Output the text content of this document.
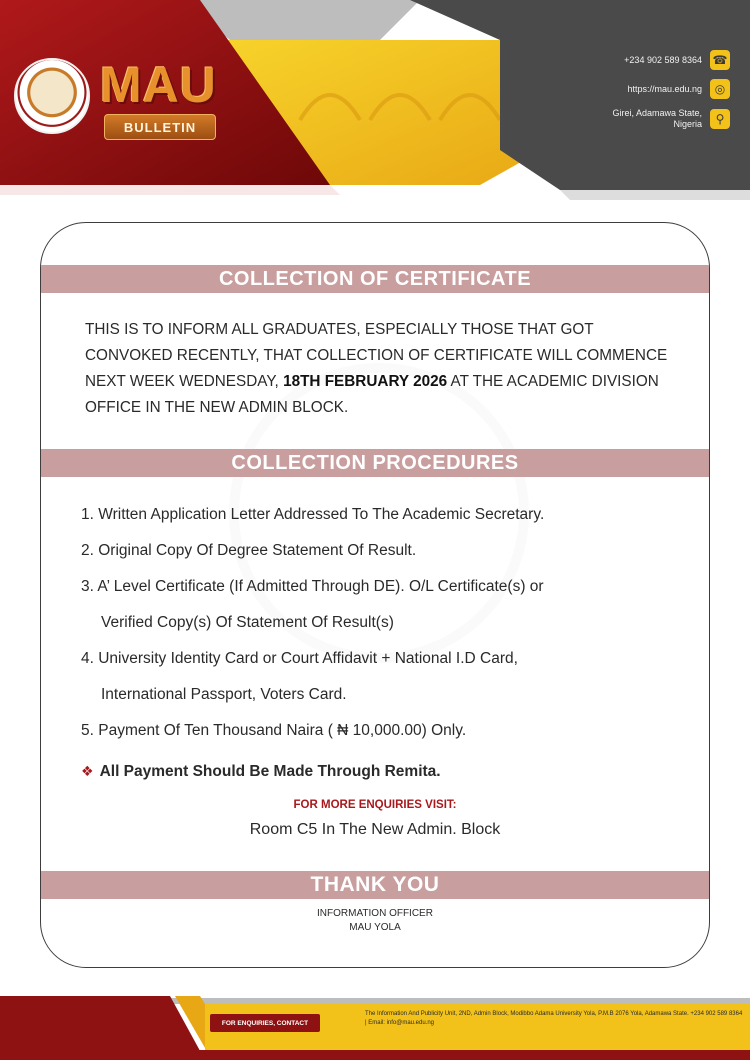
MAU
BULLETIN
+234 902 589 8364 ☎
https://mau.edu.ng	◎
Girei, Adamawa State, Nigeria	⚲
COLLECTION OF CERTIFICATE
THIS IS TO INFORM ALL GRADUATES, ESPECIALLY THOSE THAT GOT CONVOKED RECENTLY, THAT COLLECTION OF CERTIFICATE WILL COMMENCE NEXT WEEK WEDNESDAY, 18TH FEBRUARY 2026 AT THE ACADEMIC DIVISION OFFICE IN THE NEW ADMIN BLOCK.
COLLECTION PROCEDURES
1. Written Application Letter Addressed To The Academic Secretary.
2. Original Copy Of Degree Statement Of Result.
3. A’ Level Certificate (If Admitted Through DE). O/L Certificate(s) or
Verified Copy(s) Of Statement Of Result(s)
4. University Identity Card or Court Affidavit + National I.D Card,
International Passport, Voters Card.
5. Payment Of Ten Thousand Naira ( ₦ 10,000.00) Only.
❖ All Payment Should Be Made Through Remita.
FOR MORE ENQUIRIES VISIT:
Room C5 In The New Admin. Block
THANK YOU
INFORMATION OFFICER
MAU YOLA
FOR ENQUIRIES, CONTACT
The Information And Publicity Unit, 2ND, Admin Block, Modibbo Adama University Yola, P.M.B 2076 Yola, Adamawa State. +234 902 589 8364 | Email: info@mau.edu.ng
